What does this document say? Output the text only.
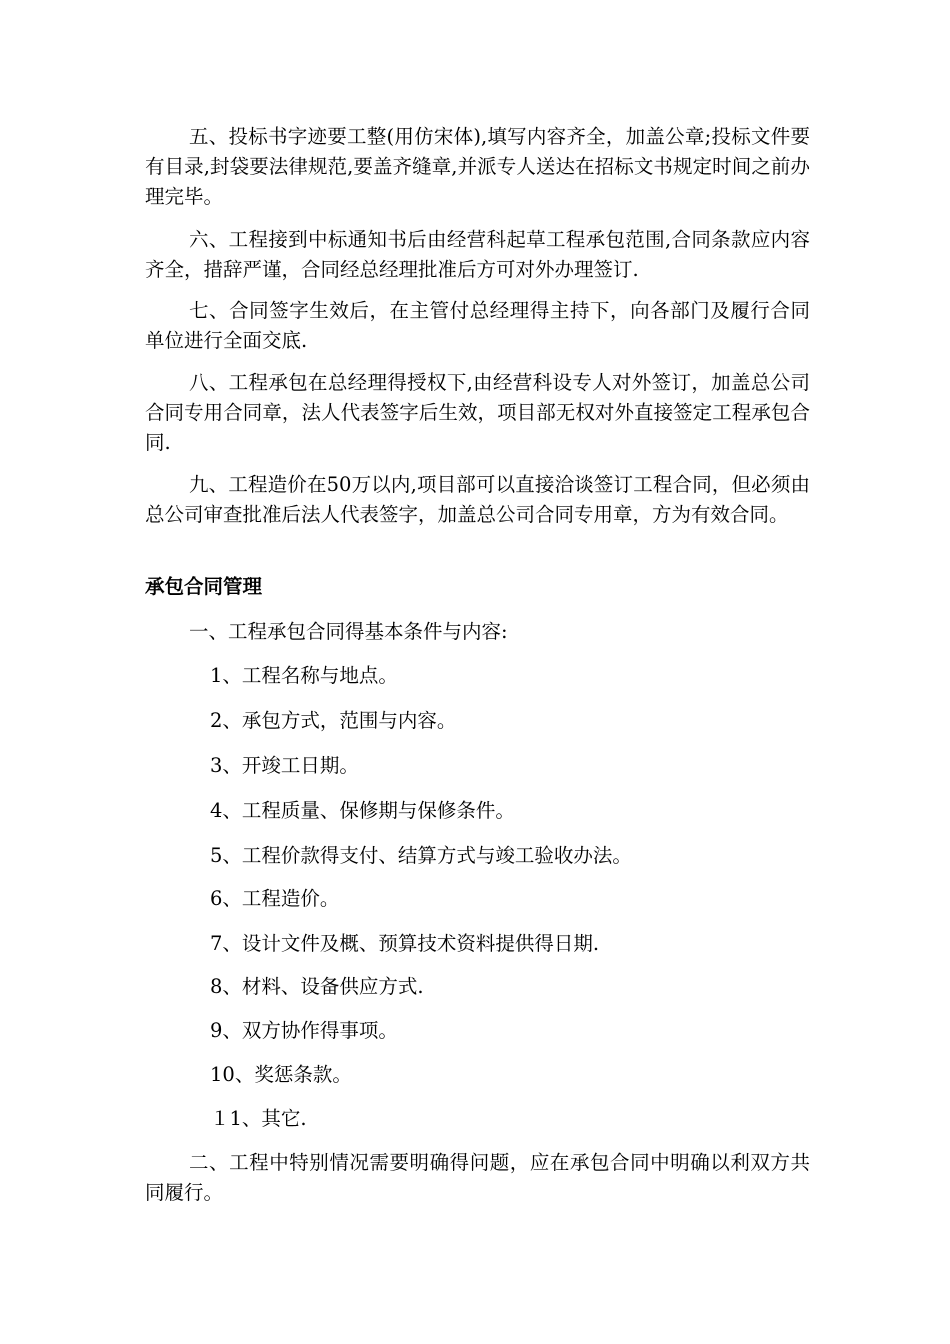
五、投标书字迹要工整(用仿宋体),填写内容齐全，加盖公章;投标文件要有目录,封袋要法律规范,要盖齐缝章,并派专人送达在招标文书规定时间之前办理完毕。

六、工程接到中标通知书后由经营科起草工程承包范围,合同条款应内容齐全，措辞严谨，合同经总经理批准后方可对外办理签订.

七、合同签字生效后，在主管付总经理得主持下，向各部门及履行合同单位进行全面交底.

八、工程承包在总经理得授权下,由经营科设专人对外签订，加盖总公司合同专用合同章，法人代表签字后生效，项目部无权对外直接签定工程承包合同.

九、工程造价在50万以内,项目部可以直接洽谈签订工程合同，但必须由总公司审查批准后法人代表签字，加盖总公司合同专用章，方为有效合同。

承包合同管理

一、工程承包合同得基本条件与内容:

1、工程名称与地点。

2、承包方式，范围与内容。

3、开竣工日期。

4、工程质量、保修期与保修条件。

5、工程价款得支付、结算方式与竣工验收办法。

6、工程造价。

7、设计文件及概、预算技术资料提供得日期.

8、材料、设备供应方式.

9、双方协作得事项。

10、奖惩条款。

１1、其它.

二、工程中特别情况需要明确得问题，应在承包合同中明确以利双方共同履行。
